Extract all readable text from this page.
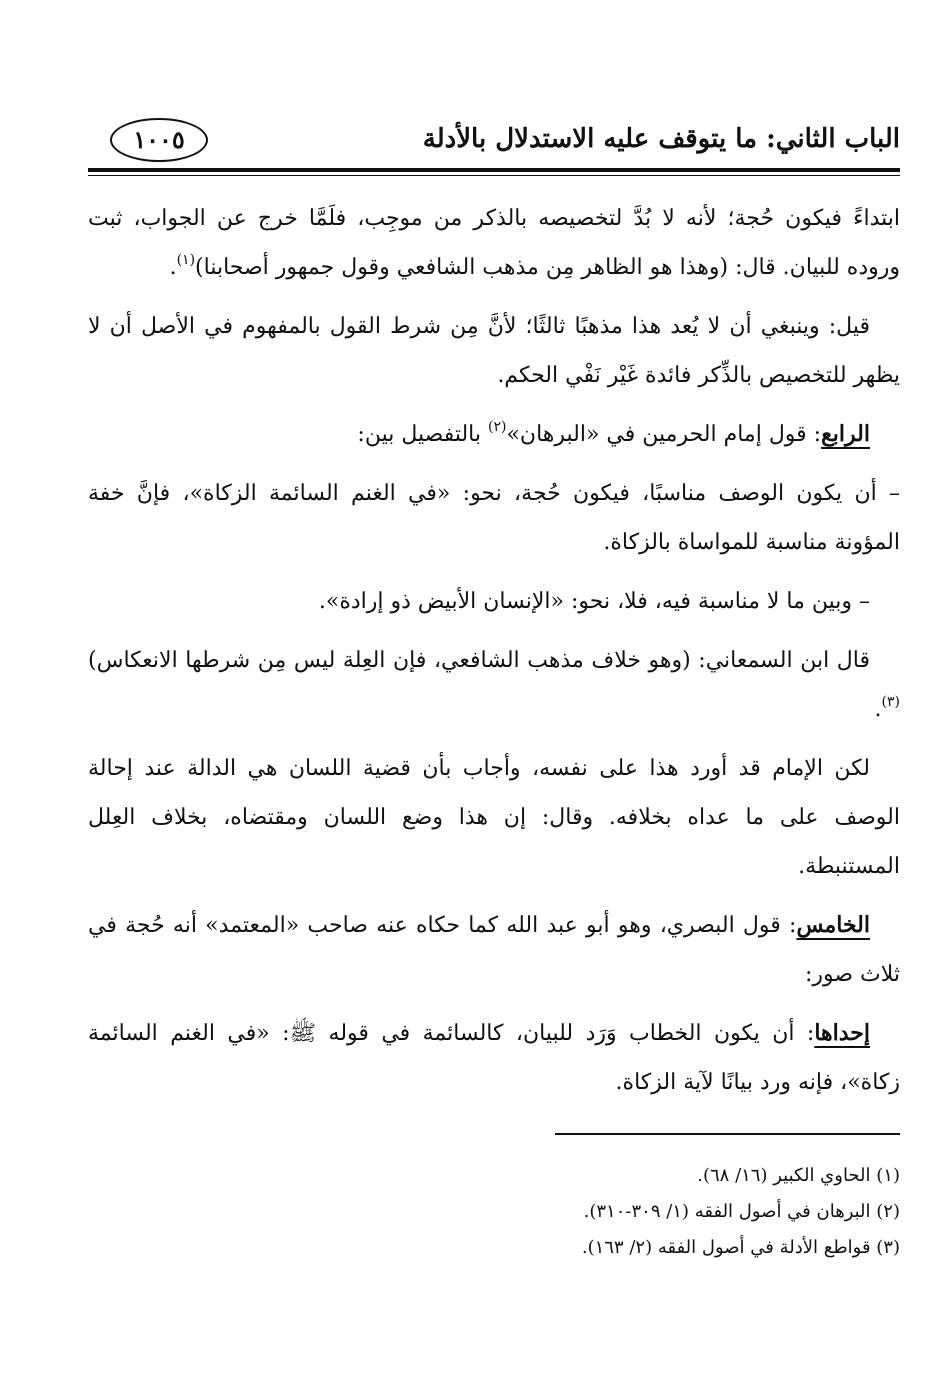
الباب الثاني: ما يتوقف عليه الاستدلال بالأدلة
١٠٠٥

ابتداءً فيكون حُجة؛ لأنه لا بُدَّ لتخصيصه بالذكر من موجِب، فلَمَّا خرج عن الجواب، ثبت وروده للبيان. قال: (وهذا هو الظاهر مِن مذهب الشافعي وقول جمهور أصحابنا)$^{(١)}$.

قيل: وينبغي أن لا يُعد هذا مذهبًا ثالثًا؛ لأنَّ مِن شرط القول بالمفهوم في الأصل أن لا يظهر للتخصيص بالذِّكر فائدة غَيْر نَفْي الحكم.

الرابع: قول إمام الحرمين في «البرهان»$^{(٢)}$ بالتفصيل بين:

– أن يكون الوصف مناسبًا، فيكون حُجة، نحو: «في الغنم السائمة الزكاة»، فإنَّ خفة المؤونة مناسبة للمواساة بالزكاة.

– وبين ما لا مناسبة فيه، فلا، نحو: «الإنسان الأبيض ذو إرادة».

قال ابن السمعاني: (وهو خلاف مذهب الشافعي، فإن العِلة ليس مِن شرطها الانعكاس)$^{(٣)}$.

لكن الإمام قد أورد هذا على نفسه، وأجاب بأن قضية اللسان هي الدالة عند إحالة الوصف على ما عداه بخلافه. وقال: إن هذا وضع اللسان ومقتضاه، بخلاف العِلل المستنبطة.

الخامس: قول البصري، وهو أبو عبد الله كما حكاه عنه صاحب «المعتمد» أنه حُجة في ثلاث صور:

إحداها: أن يكون الخطاب وَرَد للبيان، كالسائمة في قوله ﷺ: «في الغنم السائمة زكاة»، فإنه ورد بيانًا لآية الزكاة.

(١) الحاوي الكبير (١٦/ ٦٨).

(٢) البرهان في أصول الفقه (١/ ٣٠٩-٣١٠).

(٣) قواطع الأدلة في أصول الفقه (٢/ ١٦٣).
